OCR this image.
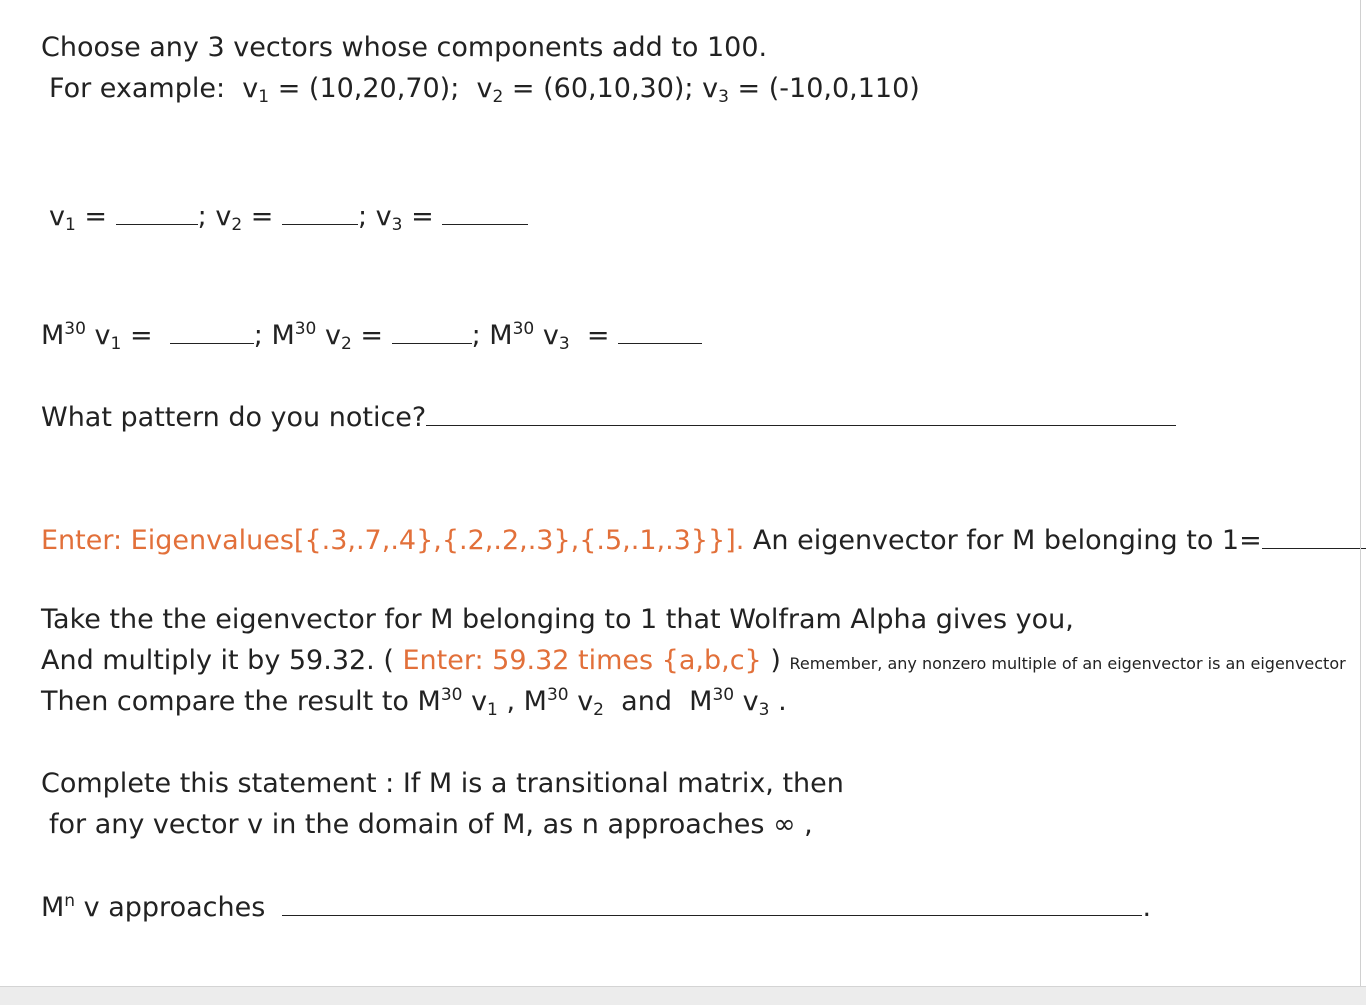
Choose any 3 vectors whose components add to 100.
For example: $v_1 = (10,20,70)$; $v_2 = (60,10,30)$; $v_3 = (-10,0,110)$
$v_1$ =	; $v_2$ =	; $v_3$ =
$M^{30}$ $v_1$ =	; $M^{30}$ $v_2$ =	; $M^{30}$ $v_3$ =
What pattern do you notice?
Enter: Eigenvalues[{.3,.7,.4},{.2,.2,.3},{.5,.1,.3}}]. An eigenvector for M belonging to 1=
Take the the eigenvector for M belonging to 1 that Wolfram Alpha gives you,
And multiply it by 59.32. ( Enter: 59.32 times {a,b,c} ) Remember, any nonzero multiple of an eigenvector is an eigenvector
Then compare the result to $M^{30}$ $v_1$ , $M^{30}$ $v_2$ and $M^{30}$ $v_3$ .
Complete this statement : If M is a transitional matrix, then
for any vector v in the domain of M, as n approaches ∞ ,
$M^n$ v approaches	.
